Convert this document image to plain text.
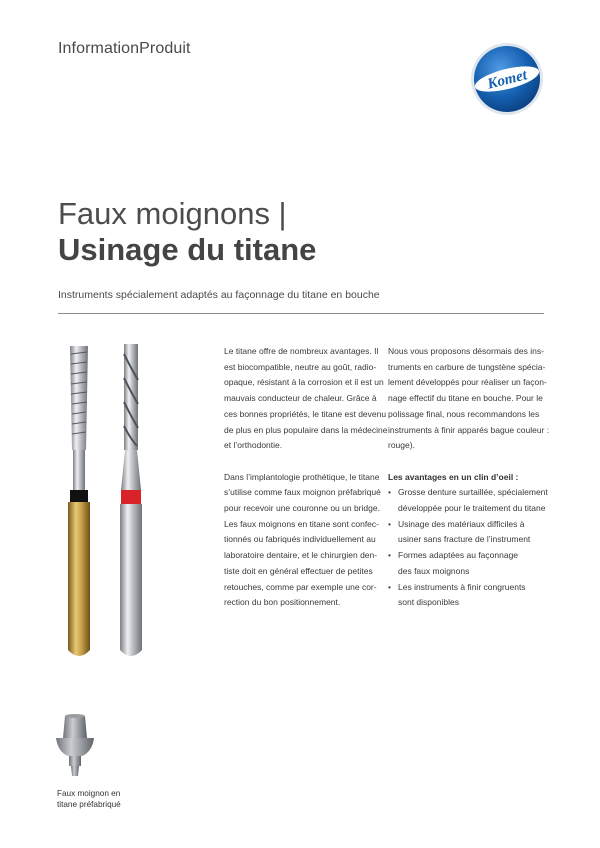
InformationProduit
Komet
Faux moignons |
Usinage du titane
Instruments spécialement adaptés au façonnage du titane en bouche
Faux moignon en
titane préfabriqué

Le titane offre de nombreux avantages. Il
est biocompatible, neutre au goût, radio-
opaque, résistant à la corrosion et il est un
mauvais conducteur de chaleur. Grâce à
ces bonnes propriétés, le titane est devenu
de plus en plus populaire dans la médecine
et l’orthodontie.

Dans l’implantologie prothétique, le titane
s’utilise comme faux moignon préfabriqué
pour recevoir une couronne ou un bridge.
Les faux moignons en titane sont confec-
tionnés ou fabriqués individuellement au
laboratoire dentaire, et le chirurgien den-
tiste doit en général effectuer de petites
retouches, comme par exemple une cor-
rection du bon positionnement.

Nous vous proposons désormais des ins-
truments en carbure de tungstène spécia-
lement développés pour réaliser un façon-
nage effectif du titane en bouche. Pour le
polissage final, nous recommandons les
instruments à finir apparés bague couleur :
rouge).

Les avantages en un clin d’oeil :

• Grosse denture surtaillée, spécialement
développée pour le traitement du titane
• Usinage des matériaux difficiles à
usiner sans fracture de l’instrument
• Formes adaptées au façonnage
des faux moignons
• Les instruments à finir congruents
sont disponibles
